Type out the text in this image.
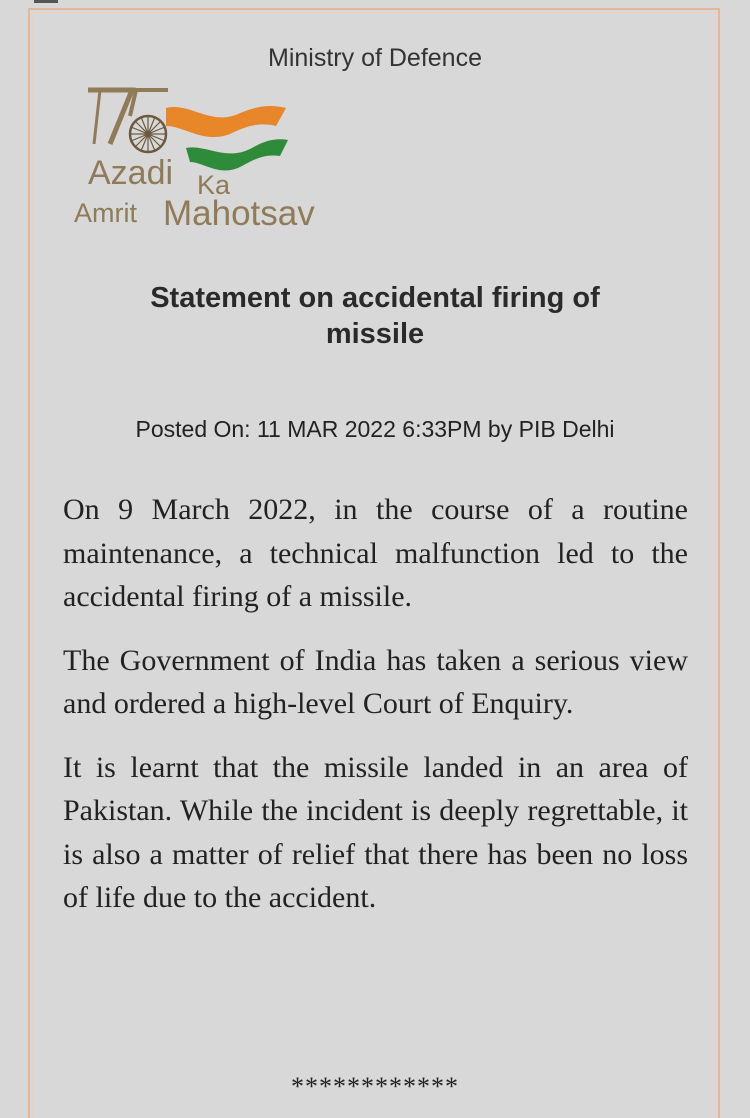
Ministry of Defence

Azadi Ka
Amrit Mahotsav
Statement on accidental firing of missile

Posted On: 11 MAR 2022 6:33PM by PIB Delhi

On 9 March 2022, in the course of a routine maintenance, a technical malfunction led to the accidental firing of a missile.

The Government of India has taken a serious view and ordered a high-level Court of Enquiry.

It is learnt that the missile landed in an area of Pakistan. While the incident is deeply regrettable, it is also a matter of relief that there has been no loss of life due to the accident.

************
